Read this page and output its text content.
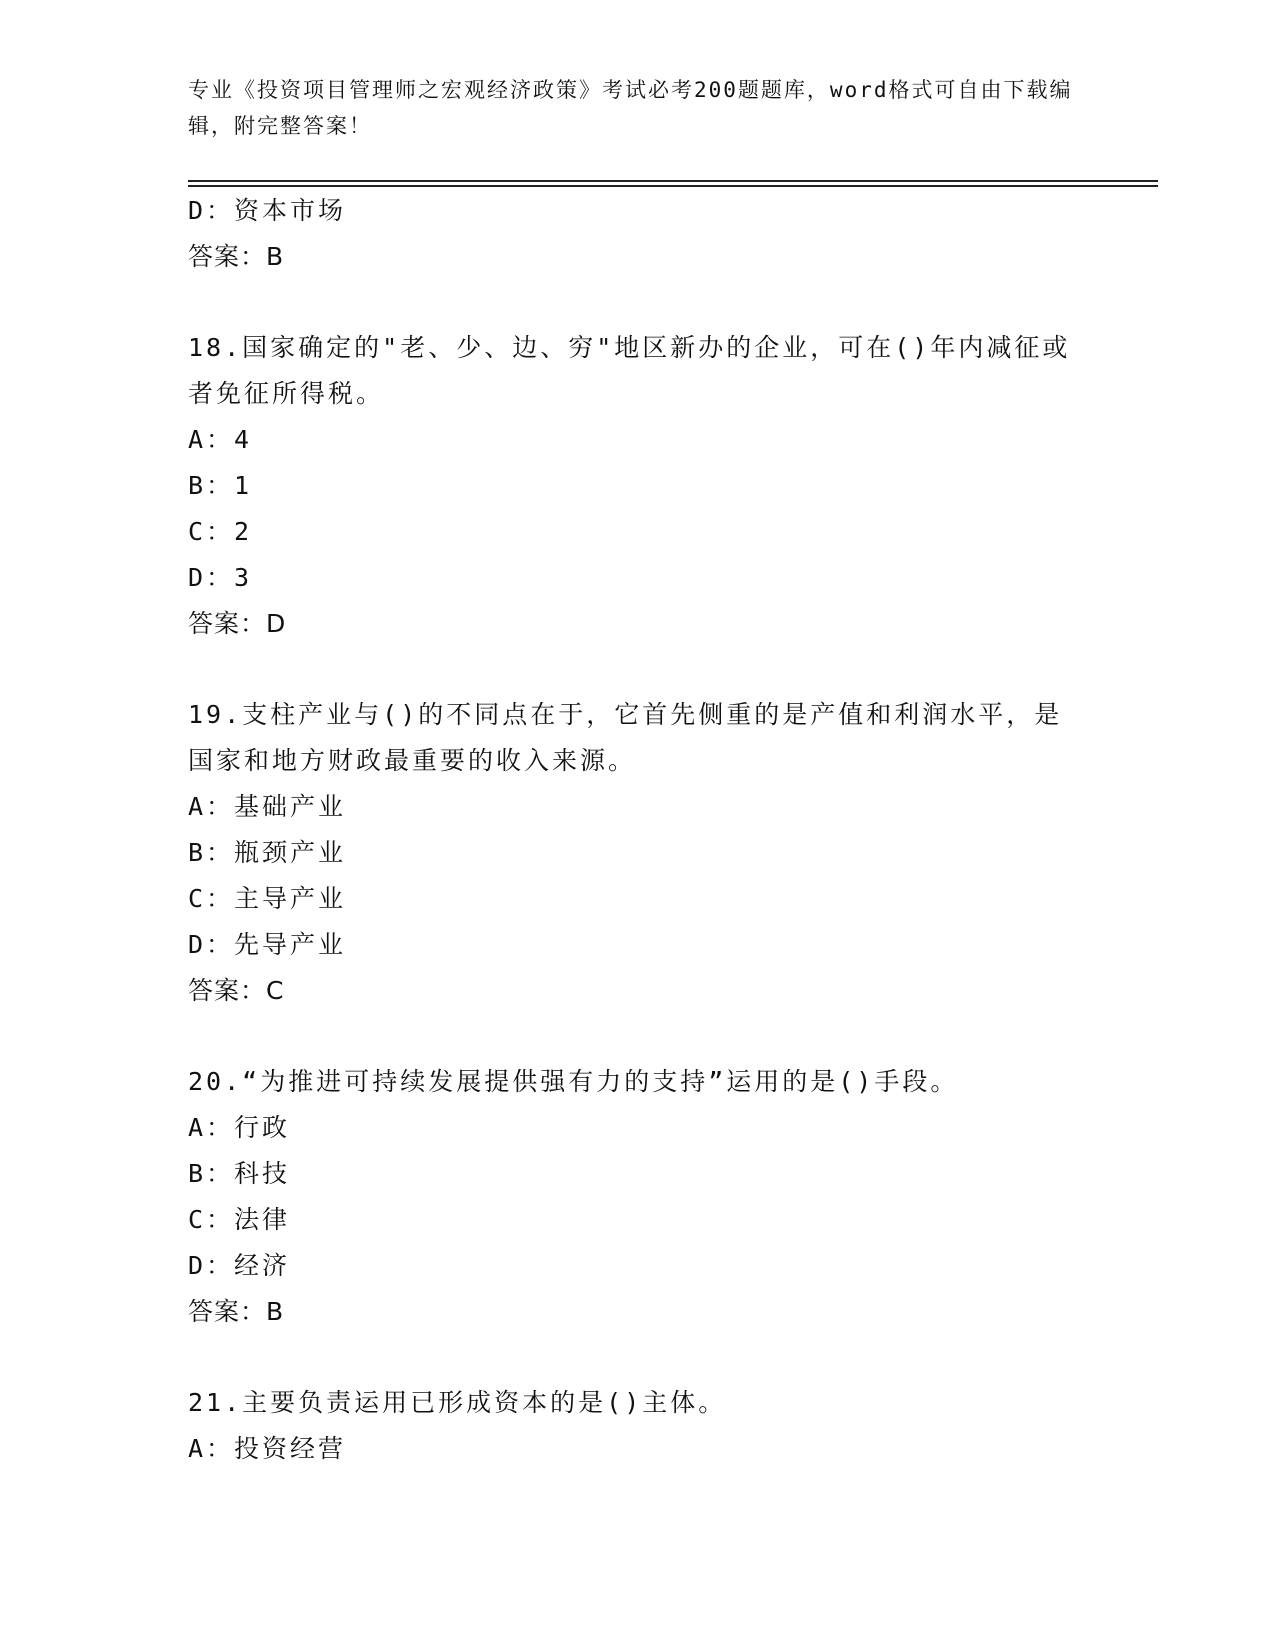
专业《投资项目管理师之宏观经济政策》考试必考200题题库，word格式可自由下载编辑，附完整答案！
D：资本市场
答案：B
18.国家确定的"老、少、边、穷"地区新办的企业，可在()年内减征或者免征所得税。
A：4
B：1
C：2
D：3
答案：D
19.支柱产业与()的不同点在于，它首先侧重的是产值和利润水平，是国家和地方财政最重要的收入来源。
A：基础产业
B：瓶颈产业
C：主导产业
D：先导产业
答案：C
20.“为推进可持续发展提供强有力的支持”运用的是()手段。
A：行政
B：科技
C：法律
D：经济
答案：B
21.主要负责运用已形成资本的是()主体。
A：投资经营
